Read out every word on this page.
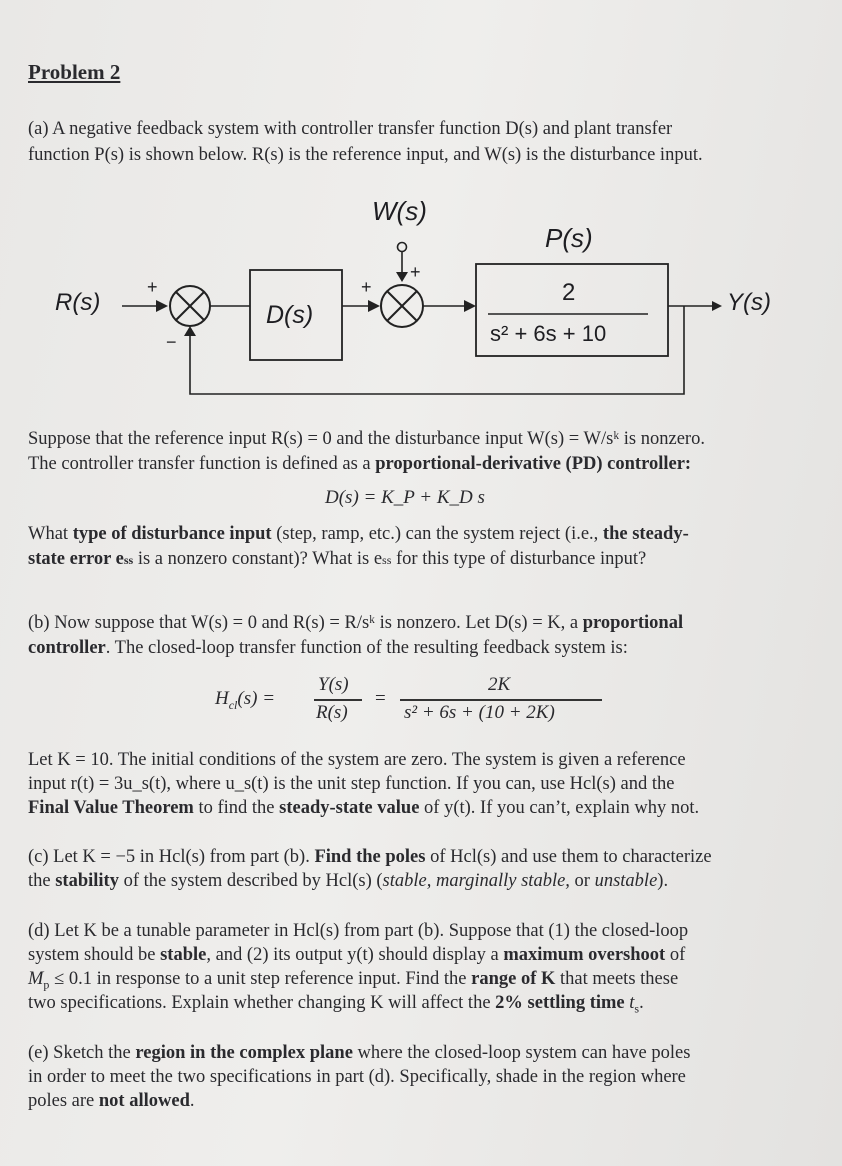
Problem 2
(a) A negative feedback system with controller transfer function D(s) and plant transfer
function P(s) is shown below. R(s) is the reference input, and W(s) is the disturbance input.
W(s)
P(s)
R(s)	Y(s)
+
+
−
D(s)
+	2
s² + 6s + 10
Suppose that the reference input R(s) = 0 and the disturbance input W(s) = W/sᵏ is nonzero.
The controller transfer function is defined as a proportional-derivative (PD) controller:
D(s) = K_P + K_D s
What type of disturbance input (step, ramp, etc.) can the system reject (i.e., the steady-
state error ess is a nonzero constant)? What is ess for this type of disturbance input?
(b) Now suppose that W(s) = 0 and R(s) = R/sᵏ is nonzero. Let D(s) = K, a proportional
controller. The closed-loop transfer function of the resulting feedback system is:
$H_{cl}(s)$ =
Y(s)
R(s)
=
2K
s² + 6s + (10 + 2K)
Let K = 10. The initial conditions of the system are zero. The system is given a reference
input r(t) = 3u_s(t), where u_s(t) is the unit step function. If you can, use Hcl(s) and the
Final Value Theorem to find the steady-state value of y(t). If you can’t, explain why not.
(c) Let K = −5 in Hcl(s) from part (b). Find the poles of Hcl(s) and use them to characterize
the stability of the system described by Hcl(s) (stable, marginally stable, or unstable).
(d) Let K be a tunable parameter in Hcl(s) from part (b). Suppose that (1) the closed-loop
system should be stable, and (2) its output y(t) should display a maximum overshoot of
$M_p \le 0.1$ in response to a unit step reference input. Find the range of K that meets these
two specifications. Explain whether changing K will affect the 2% settling time $t_s$.
(e) Sketch the region in the complex plane where the closed-loop system can have poles
in order to meet the two specifications in part (d). Specifically, shade in the region where
poles are not allowed.
